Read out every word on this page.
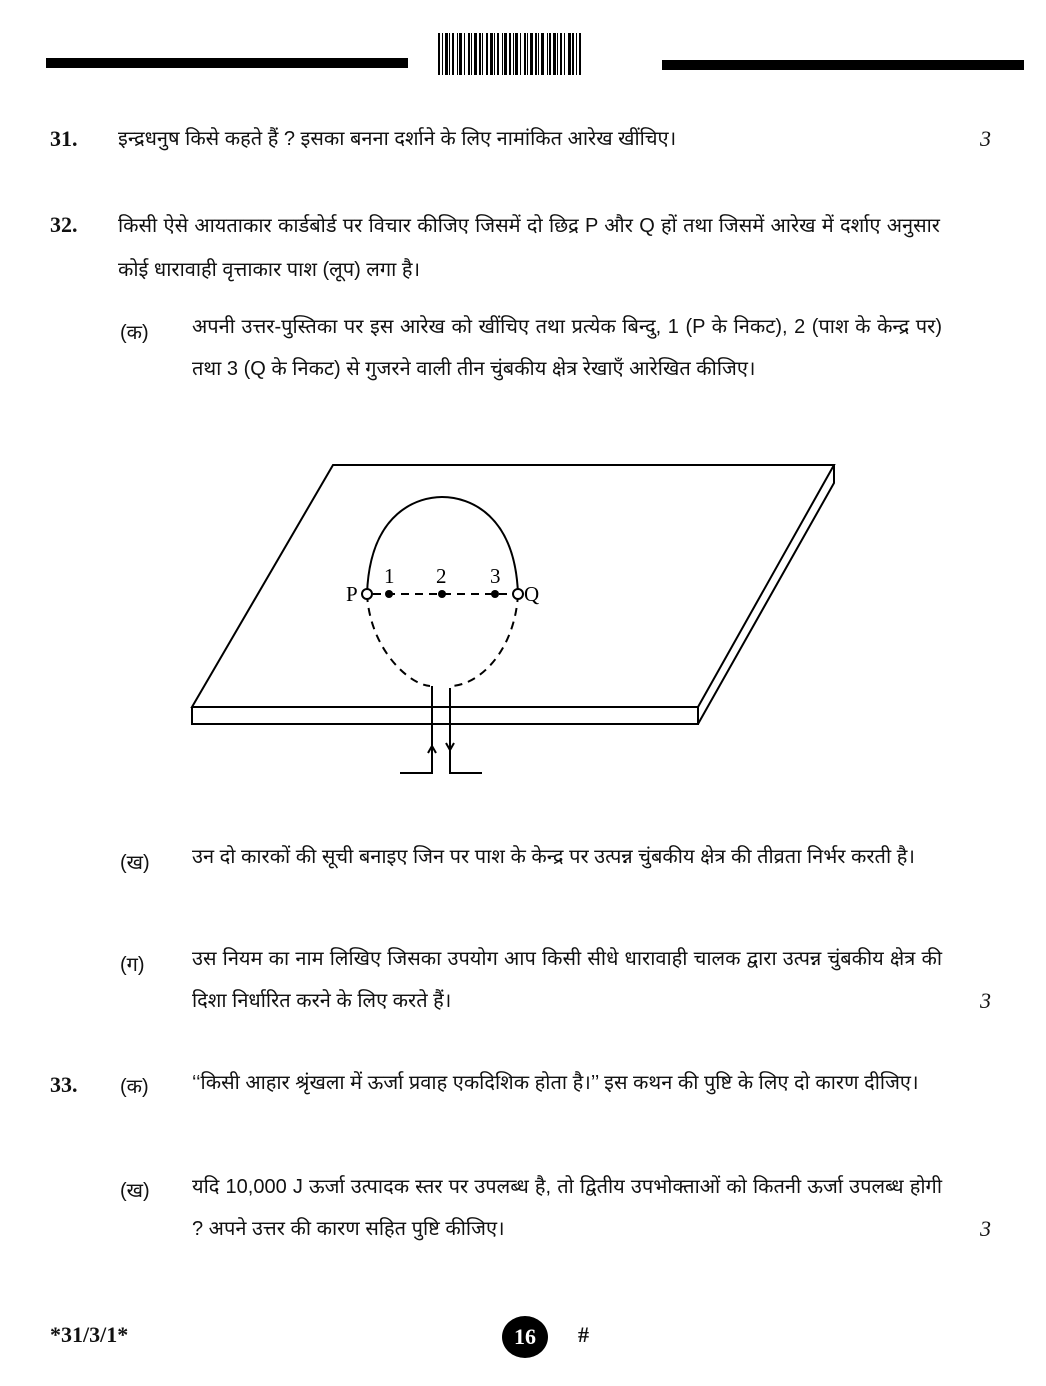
31. इन्द्रधनुष किसे कहते हैं ? इसका बनना दर्शाने के लिए नामांकित आरेख खींचिए।	3
32. किसी ऐसे आयताकार कार्डबोर्ड पर विचार कीजिए जिसमें दो छिद्र P और Q हों तथा जिसमें आरेख में दर्शाए अनुसार कोई धारावाही वृत्ताकार पाश (लूप) लगा है।
(क) अपनी उत्तर-पुस्तिका पर इस आरेख को खींचिए तथा प्रत्येक बिन्दु, 1 (P के निकट), 2 (पाश के केन्द्र पर) तथा 3 (Q के निकट) से गुजरने वाली तीन चुंबकीय क्षेत्र रेखाएँ आरेखित कीजिए।
P	Q
1 2 3
(ख) उन दो कारकों की सूची बनाइए जिन पर पाश के केन्द्र पर उत्पन्न चुंबकीय क्षेत्र की तीव्रता निर्भर करती है।
(ग) उस नियम का नाम लिखिए जिसका उपयोग आप किसी सीधे धारावाही चालक द्वारा उत्पन्न चुंबकीय क्षेत्र की दिशा निर्धारित करने के लिए करते हैं।	3
33. (क) ‘‘किसी आहार श्रृंखला में ऊर्जा प्रवाह एकदिशिक होता है।’’ इस कथन की पुष्टि के लिए दो कारण दीजिए।
(ख) यदि 10,000 J ऊर्जा उत्पादक स्तर पर उपलब्ध है, तो द्वितीय उपभोक्ताओं को कितनी ऊर्जा उपलब्ध होगी ? अपने उत्तर की कारण सहित पुष्टि कीजिए।	3
*31/3/1*	16	#
